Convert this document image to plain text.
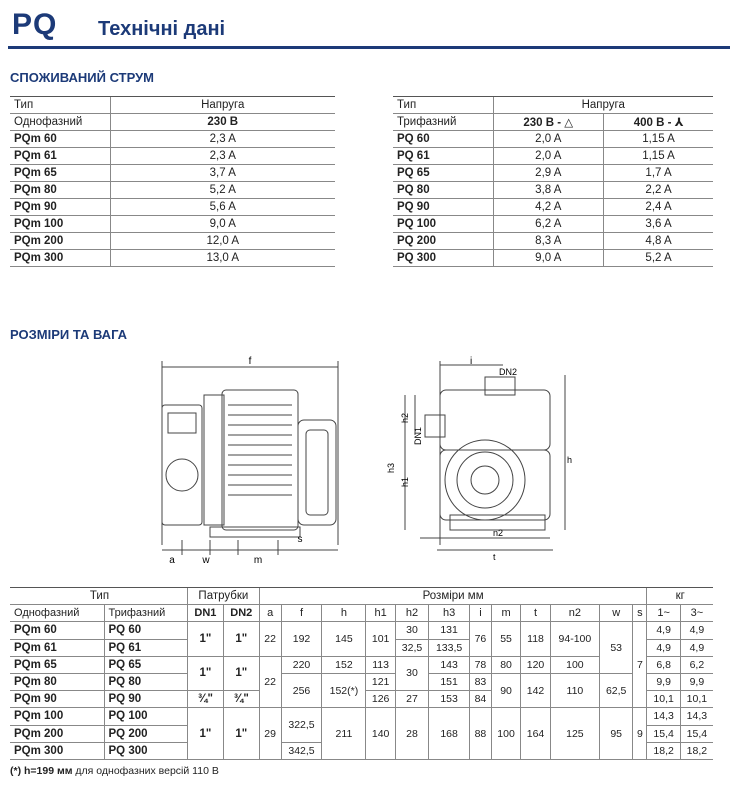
PQ Технічні дані
СПОЖИВАНИЙ СТРУМ
Тип	Напруга
Однофазний	230 В
PQm 60	2,3 A
PQm 61	2,3 A
PQm 65	3,7 A
PQm 80	5,2 A
PQm 90	5,6 A
PQm 100	9,0 A
PQm 200	12,0 A
PQm 300	13,0 A
Тип	Напруга	
Трифазний	230 В - △	400 В - ⅄
PQ 60	2,0 A	1,15 A
PQ 61	2,0 A	1,15 A
PQ 65	2,9 A	1,7 A
PQ 80	3,8 A	2,2 A
PQ 90	4,2 A	2,4 A
PQ 100	6,2 A	3,6 A
PQ 200	8,3 A	4,8 A
PQ 300	9,0 A	5,2 A
РОЗМІРИ ТА ВАГА
f
a	w	m
s
i
DN2
DN1
h2
h3
h1
h
n2
t
Тип		Патрубки		Розміри мм												кг	
Однофазний	Трифазний	DN1	DN2	a	f	h	h1	h2	h3	i	m	t	n2	w	s	1~	3~
PQm 60	PQ 60	1"	1"	22	192	145	101	30	131	76	55	118	94-100	53	7	4,9	4,9
PQm 61	PQ 61							32,5	133,5							4,9	4,9
PQm 65	PQ 65	1"	1"	22	220	152	113	30	143	78	80	120	100			6,8	6,2
PQm 80	PQ 80				256	152(*)	121		151	83	90	142	110	62,5		9,9	9,9
PQm 90	PQ 90	¾"	¾"				126	27	153	84						10,1	10,1
PQm 100	PQ 100	1"	1"	29	322,5	211	140	28	168	88	100	164	125	95	9	14,3	14,3
PQm 200	PQ 200															15,4	15,4
PQm 300	PQ 300				342,5											18,2	18,2
(*) h=199 мм для однофазних версій 110 В
